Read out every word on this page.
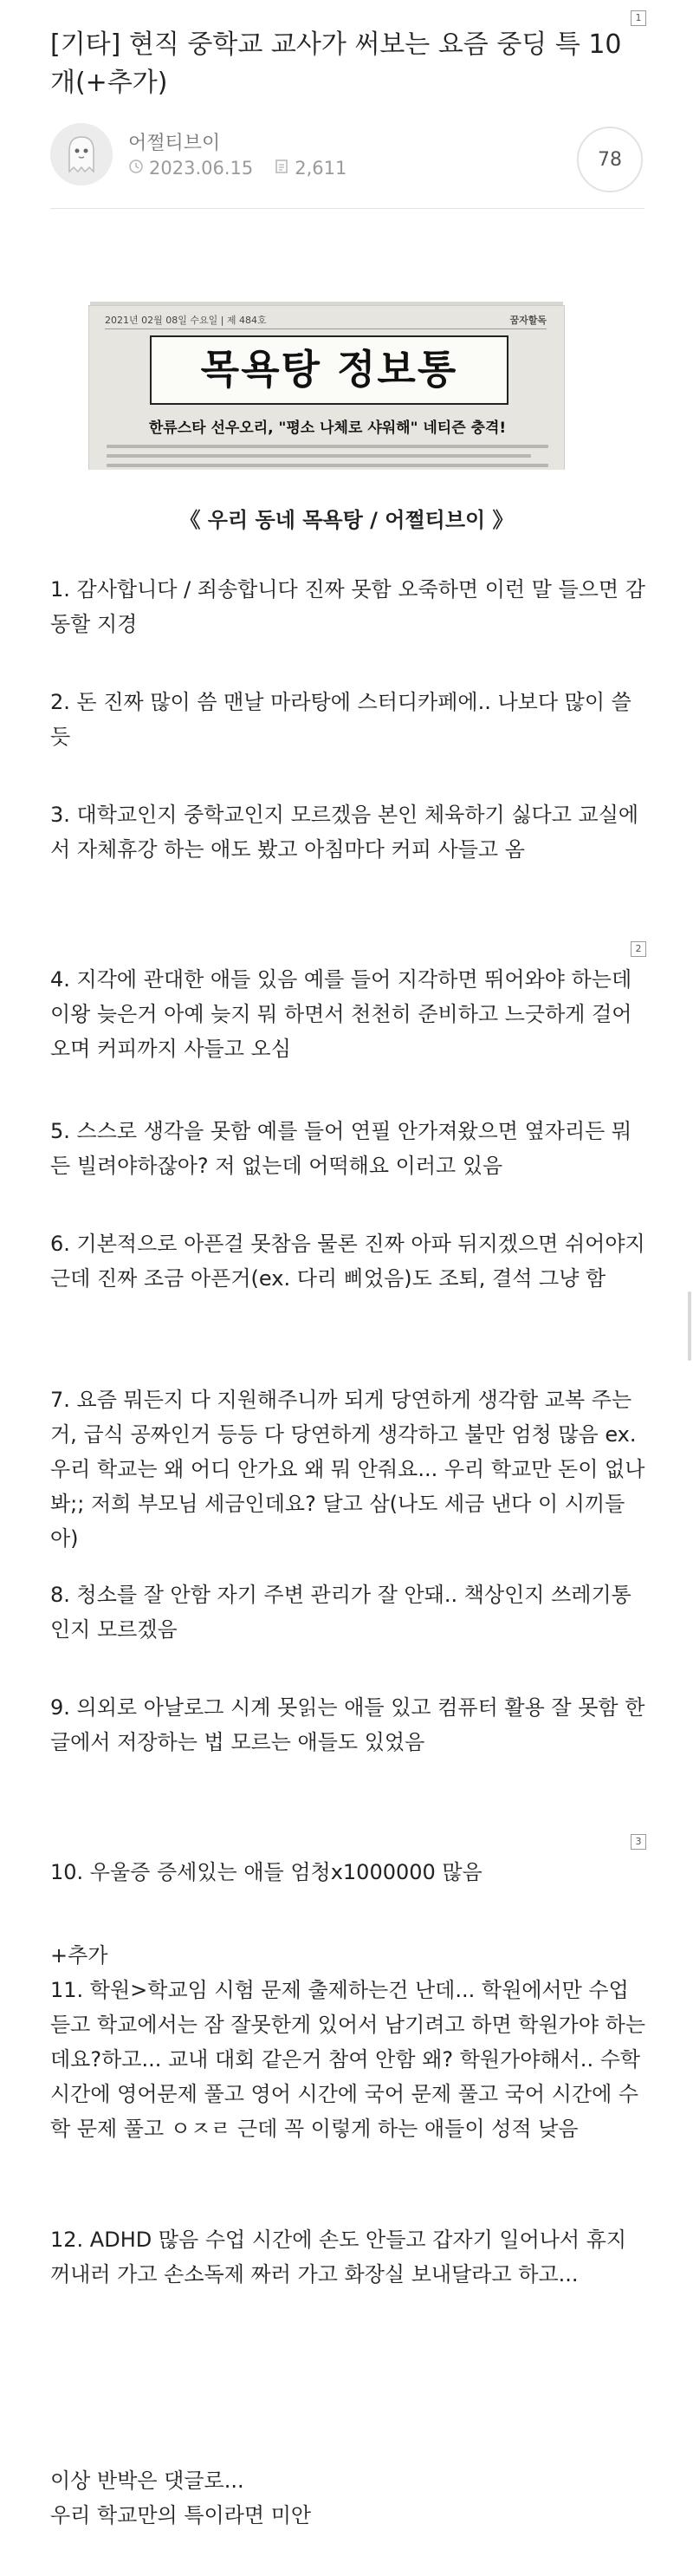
1
[기타] 현직 중학교 교사가 써보는 요즘 중딩 특 10개(+추가)
어쩔티브이
2023.06.15 2,611	78
2021년 02월 08일 수요일 | 제 484호	꿈자할독
목욕탕 정보통
한류스타 선우오리, "평소 나체로 샤워해" 네티즌 충격!
《 우리 동네 목욕탕 / 어쩔티브이 》
1. 감사합니다 / 죄송합니다 진짜 못함 오죽하면 이런 말 들으면 감동할 지경
2. 돈 진짜 많이 씀 맨날 마라탕에 스터디카페에.. 나보다 많이 쓸 듯
3. 대학교인지 중학교인지 모르겠음 본인 체육하기 싫다고 교실에서 자체휴강 하는 애도 봤고 아침마다 커피 사들고 옴
2
4. 지각에 관대한 애들 있음 예를 들어 지각하면 뛰어와야 하는데 이왕 늦은거 아예 늦지 뭐 하면서 천천히 준비하고 느긋하게 걸어오며 커피까지 사들고 오심
5. 스스로 생각을 못함 예를 들어 연필 안가져왔으면 옆자리든 뭐든 빌려야하잖아? 저 없는데 어떡해요 이러고 있음
6. 기본적으로 아픈걸 못참음 물론 진짜 아파 뒤지겠으면 쉬어야지 근데 진짜 조금 아픈거(ex. 다리 삐었음)도 조퇴, 결석 그냥 함
7. 요즘 뭐든지 다 지원해주니까 되게 당연하게 생각함 교복 주는거, 급식 공짜인거 등등 다 당연하게 생각하고 불만 엄청 많음 ex. 우리 학교는 왜 어디 안가요 왜 뭐 안줘요... 우리 학교만 돈이 없나봐;; 저희 부모님 세금인데요? 달고 삼(나도 세금 낸다 이 시끼들아)
8. 청소를 잘 안함 자기 주변 관리가 잘 안돼.. 책상인지 쓰레기통인지 모르겠음
9. 의외로 아날로그 시계 못읽는 애들 있고 컴퓨터 활용 잘 못함 한글에서 저장하는 법 모르는 애들도 있었음
3
10. 우울증 증세있는 애들 엄청x1000000 많음
+추가
11. 학원>학교임 시험 문제 출제하는건 난데... 학원에서만 수업듣고 학교에서는 잠 잘못한게 있어서 남기려고 하면 학원가야 하는데요?하고... 교내 대회 같은거 참여 안함 왜? 학원가야해서.. 수학 시간에 영어문제 풀고 영어 시간에 국어 문제 풀고 국어 시간에 수학 문제 풀고 ㅇㅈㄹ 근데 꼭 이렇게 하는 애들이 성적 낮음
12. ADHD 많음 수업 시간에 손도 안들고 갑자기 일어나서 휴지 꺼내러 가고 손소독제 짜러 가고 화장실 보내달라고 하고...
이상 반박은 댓글로...
우리 학교만의 특이라면 미안
